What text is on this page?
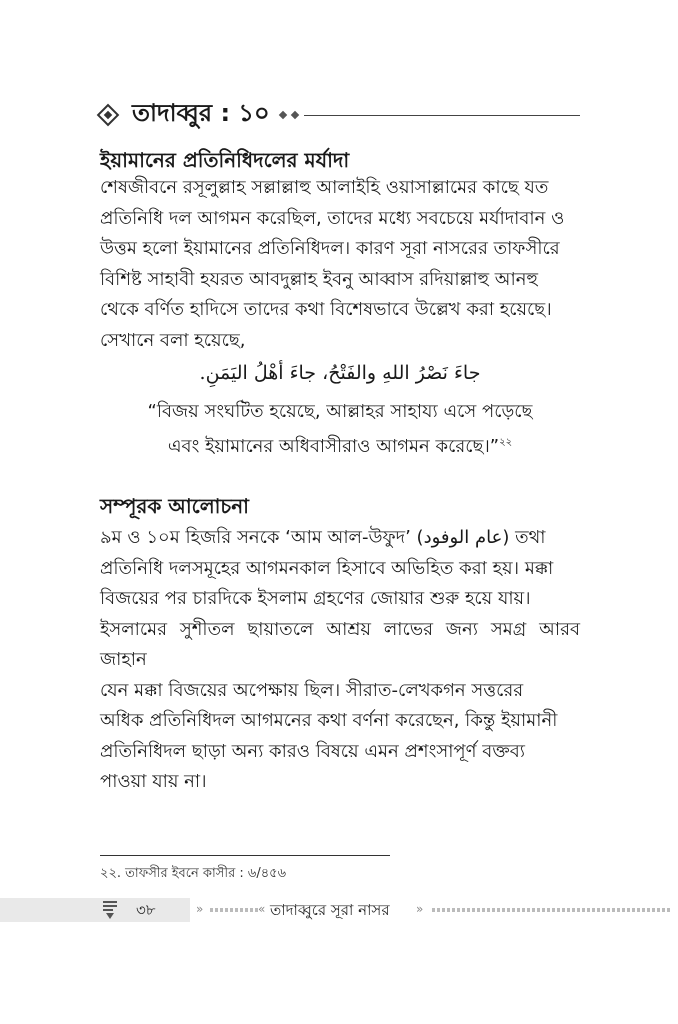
তাদাব্বুর : ১০
ইয়ামানের প্রতিনিধিদলের মর্যাদা
শেষজীবনে রসূলুল্লাহ সল্লাল্লাহু আলাইহি ওয়াসাল্লামের কাছে যত
প্রতিনিধি দল আগমন করেছিল, তাদের মধ্যে সবচেয়ে মর্যাদাবান ও
উত্তম হলো ইয়ামানের প্রতিনিধিদল। কারণ সূরা নাসরের তাফসীরে
বিশিষ্ট সাহাবী হযরত আবদুল্লাহ ইবনু আব্বাস রদিয়াল্লাহু আনহু
থেকে বর্ণিত হাদিসে তাদের কথা বিশেষভাবে উল্লেখ করা হয়েছে।
সেখানে বলা হয়েছে,
جاءَ نَصْرُ اللهِ والفَتْحُ، جاءَ أهْلُ اليَمَنِ.
“বিজয় সংঘটিত হয়েছে, আল্লাহর সাহায্য এসে পড়েছে
এবং ইয়ামানের অধিবাসীরাও আগমন করেছে।”$^{২২}$
সম্পূরক আলোচনা
৯ম ও ১০ম হিজরি সনকে ‘আম আল-উফুদ’ (عام الوفود) তথা
প্রতিনিধি দলসমূহের আগমনকাল হিসাবে অভিহিত করা হয়। মক্কা
বিজয়ের পর চারদিকে ইসলাম গ্রহণের জোয়ার শুরু হয়ে যায়।
ইসলামের সুশীতল ছায়াতলে আশ্রয় লাভের জন্য সমগ্র আরব জাহান
যেন মক্কা বিজয়ের অপেক্ষায় ছিল। সীরাত-লেখকগন সত্তরের
অধিক প্রতিনিধিদল আগমনের কথা বর্ণনা করেছেন, কিন্তু ইয়ামানী
প্রতিনিধিদল ছাড়া অন্য কারও বিষয়ে এমন প্রশংসাপূর্ণ বক্তব্য
পাওয়া যায় না।
২২. তাফসীর ইবনে কাসীর : ৬/৪৫৬
৩৮	»	« তাদাব্বুরে সূরা নাসর »
